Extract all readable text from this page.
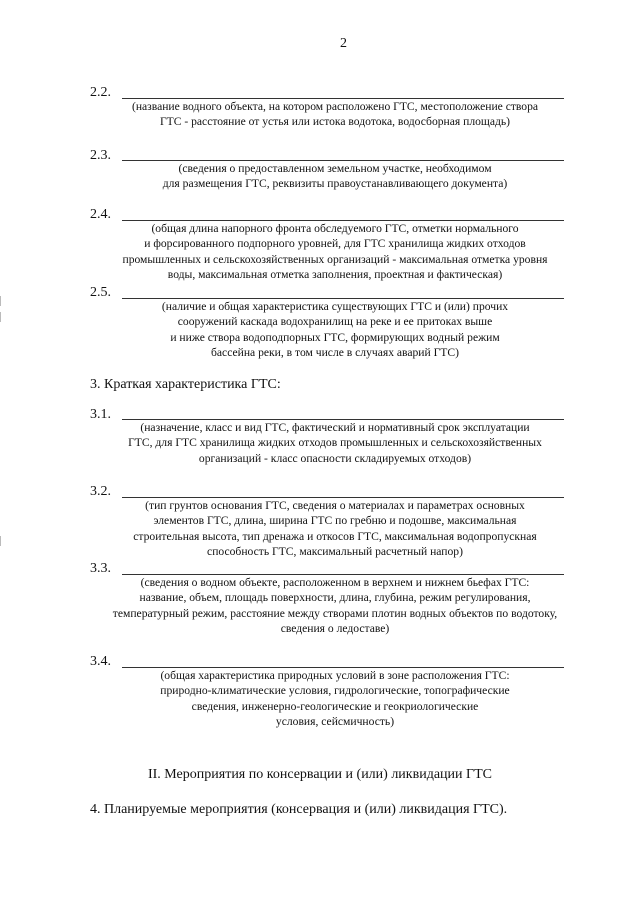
2
2.2.
(название водного объекта, на котором расположено ГТС, местоположение створа
ГТС - расстояние от устья или истока водотока, водосборная площадь)
2.3.
(сведения о предоставленном земельном участке, необходимом
для размещения ГТС, реквизиты правоустанавливающего документа)
2.4.
(общая длина напорного фронта обследуемого ГТС, отметки нормального
и форсированного подпорного уровней, для ГТС хранилища жидких отходов
промышленных и сельскохозяйственных организаций - максимальная отметка уровня
воды, максимальная отметка заполнения, проектная и фактическая)
2.5.
(наличие и общая характеристика существующих ГТС и (или) прочих
сооружений каскада водохранилищ на реке и ее притоках выше
и ниже створа водоподпорных ГТС, формирующих водный режим
бассейна реки, в том числе в случаях аварий ГТС)
3. Краткая характеристика ГТС:
3.1.
(назначение, класс и вид ГТС, фактический и нормативный срок эксплуатации
ГТС, для ГТС хранилища жидких отходов промышленных и сельскохозяйственных
организаций - класс опасности складируемых отходов)
3.2.
(тип грунтов основания ГТС, сведения о материалах и параметрах основных
элементов ГТС, длина, ширина ГТС по гребню и подошве, максимальная
строительная высота, тип дренажа и откосов ГТС, максимальная водопропускная
способность ГТС, максимальный расчетный напор)
3.3.
(сведения о водном объекте, расположенном в верхнем и нижнем бьефах ГТС:
название, объем, площадь поверхности, длина, глубина, режим регулирования,
температурный режим, расстояние между створами плотин водных объектов по водотоку,
сведения о ледоставе)
3.4.
(общая характеристика природных условий в зоне расположения ГТС:
природно-климатические условия, гидрологические, топографические
сведения, инженерно-геологические и геокриологические
условия, сейсмичность)
II. Мероприятия по консервации и (или) ликвидации ГТС
4. Планируемые мероприятия (консервация и (или) ликвидация ГТС).
